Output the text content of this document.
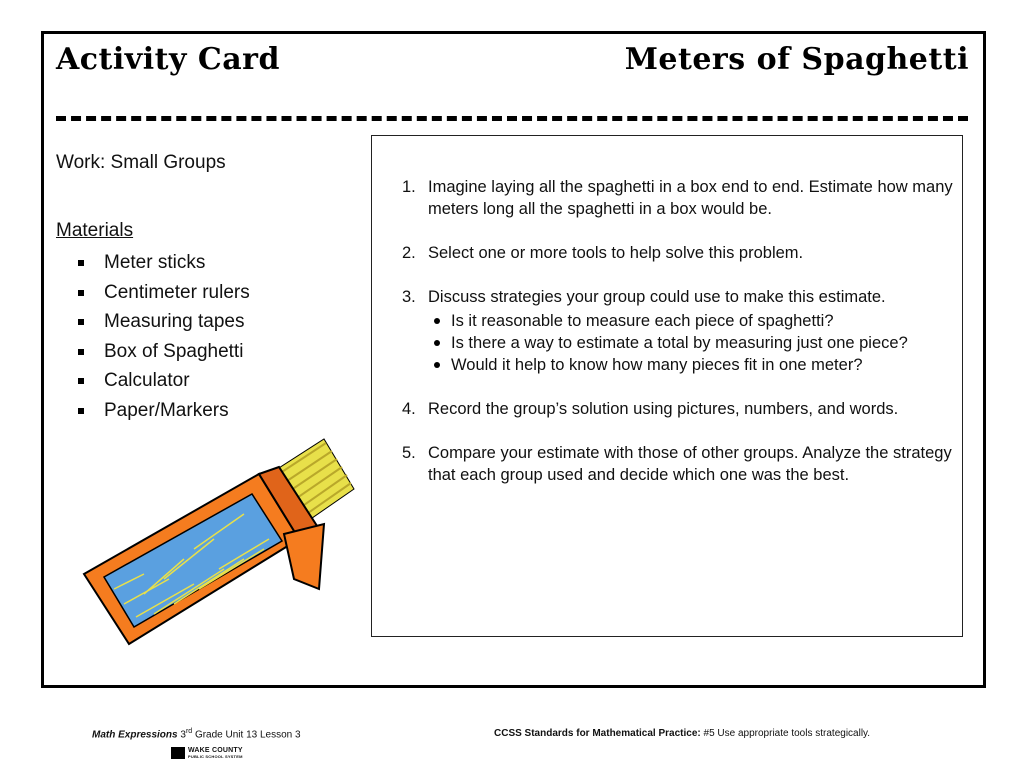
Activity Card	Meters of Spaghetti
Work: Small Groups
Materials
Meter sticks
Centimeter rulers
Measuring tapes
Box of Spaghetti
Calculator
Paper/Markers
1. Imagine laying all the spaghetti in a box end to end. Estimate how many meters long all the spaghetti in a box would be.
2. Select one or more tools to help solve this problem.
3. Discuss strategies your group could use to make this estimate.
Is it reasonable to measure each piece of spaghetti?
Is there a way to estimate a total by measuring just one piece?
Would it help to know how many pieces fit in one meter?
4. Record the group’s solution using pictures, numbers, and words.
5. Compare your estimate with those of other groups. Analyze the strategy that each group used and decide which one was the best.
Math Expressions 3rd Grade Unit 13 Lesson 3	CCSS Standards for Mathematical Practice: #5 Use appropriate tools strategically.
WAKE COUNTY
PUBLIC SCHOOL SYSTEM
